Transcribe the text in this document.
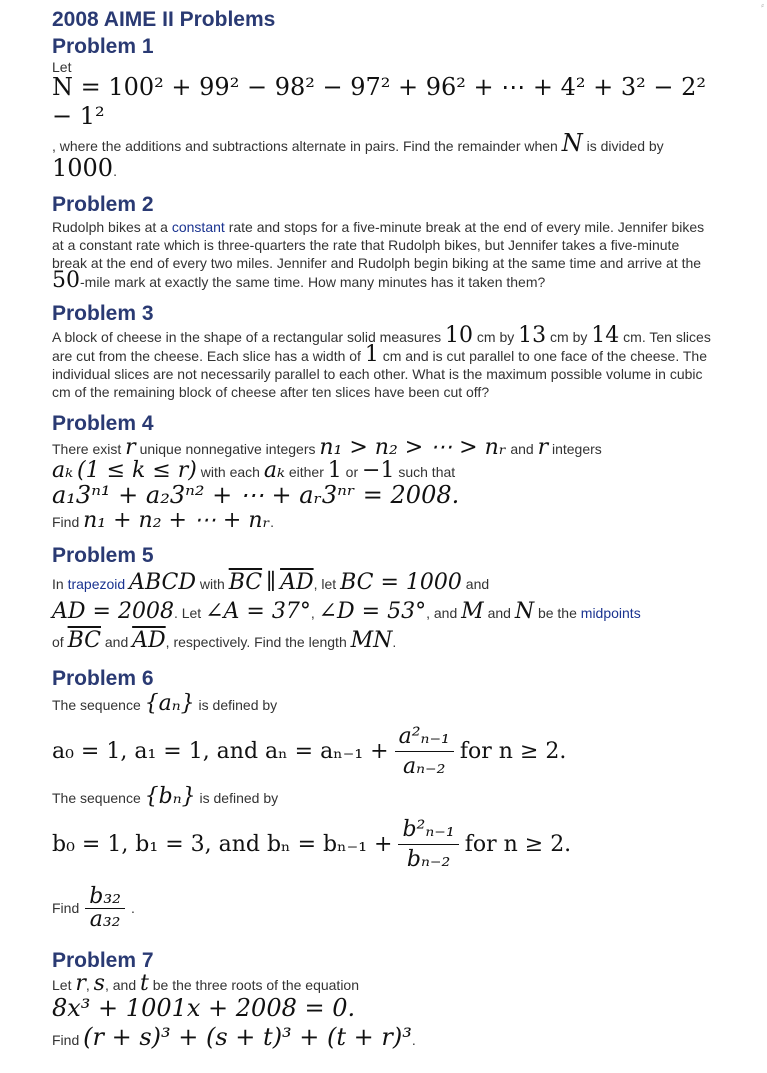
⸗
2008 AIME II Problems
Problem 1

Let

N = 100² + 99² − 98² − 97² + 96² + ⋯ + 4² + 3² − 2² − 1²

, where the additions and subtractions alternate in pairs. Find the remainder when N is divided by
1000.

Problem 2

Rudolph bikes at a constant rate and stops for a five-minute break at the end of every mile. Jennifer bikes at a constant rate which is three-quarters the rate that Rudolph bikes, but Jennifer takes a five-minute break at the end of every two miles. Jennifer and Rudolph begin biking at the same time and arrive at the 50-mile mark at exactly the same time. How many minutes has it taken them?

Problem 3

A block of cheese in the shape of a rectangular solid measures 10 cm by 13 cm by 14 cm. Ten slices are cut from the cheese. Each slice has a width of 1 cm and is cut parallel to one face of the cheese. The individual slices are not necessarily parallel to each other. What is the maximum possible volume in cubic cm of the remaining block of cheese after ten slices have been cut off?

Problem 4

There exist r unique nonnegative integers n₁ > n₂ > ⋯ > nᵣ and r integers

aₖ (1 ≤ k ≤ r) with each aₖ either 1 or −1 such that

a₁3ⁿ¹ + a₂3ⁿ² + ⋯ + aᵣ3ⁿʳ = 2008.

Find n₁ + n₂ + ⋯ + nᵣ.

Problem 5

In trapezoid ABCD with $\overline{BC}$ ∥ $\overline{AD}$, let BC = 1000 and

AD = 2008. Let ∠A = 37°, ∠D = 53°, and M and N be the midpoints

of $\overline{BC}$ and $\overline{AD}$, respectively. Find the length MN.

Problem 6

The sequence {aₙ} is defined by

a₀ = 1, a₁ = 1, and $a_n = a_{n-1} + \frac{\text{a²ₙ₋₁}}{\text{aₙ₋₂}}$ for n ≥ 2.

The sequence {bₙ} is defined by

b₀ = 1, b₁ = 3, and $b_n = b_{n-1} + \frac{\text{b²ₙ₋₁}}{\text{bₙ₋₂}}$ for n ≥ 2.

Find $\frac{\text{b₃₂}}{\text{a₃₂}}$ .

Problem 7

Let r, s, and t be the three roots of the equation

8x³ + 1001x + 2008 = 0.

Find (r + s)³ + (s + t)³ + (t + r)³.
